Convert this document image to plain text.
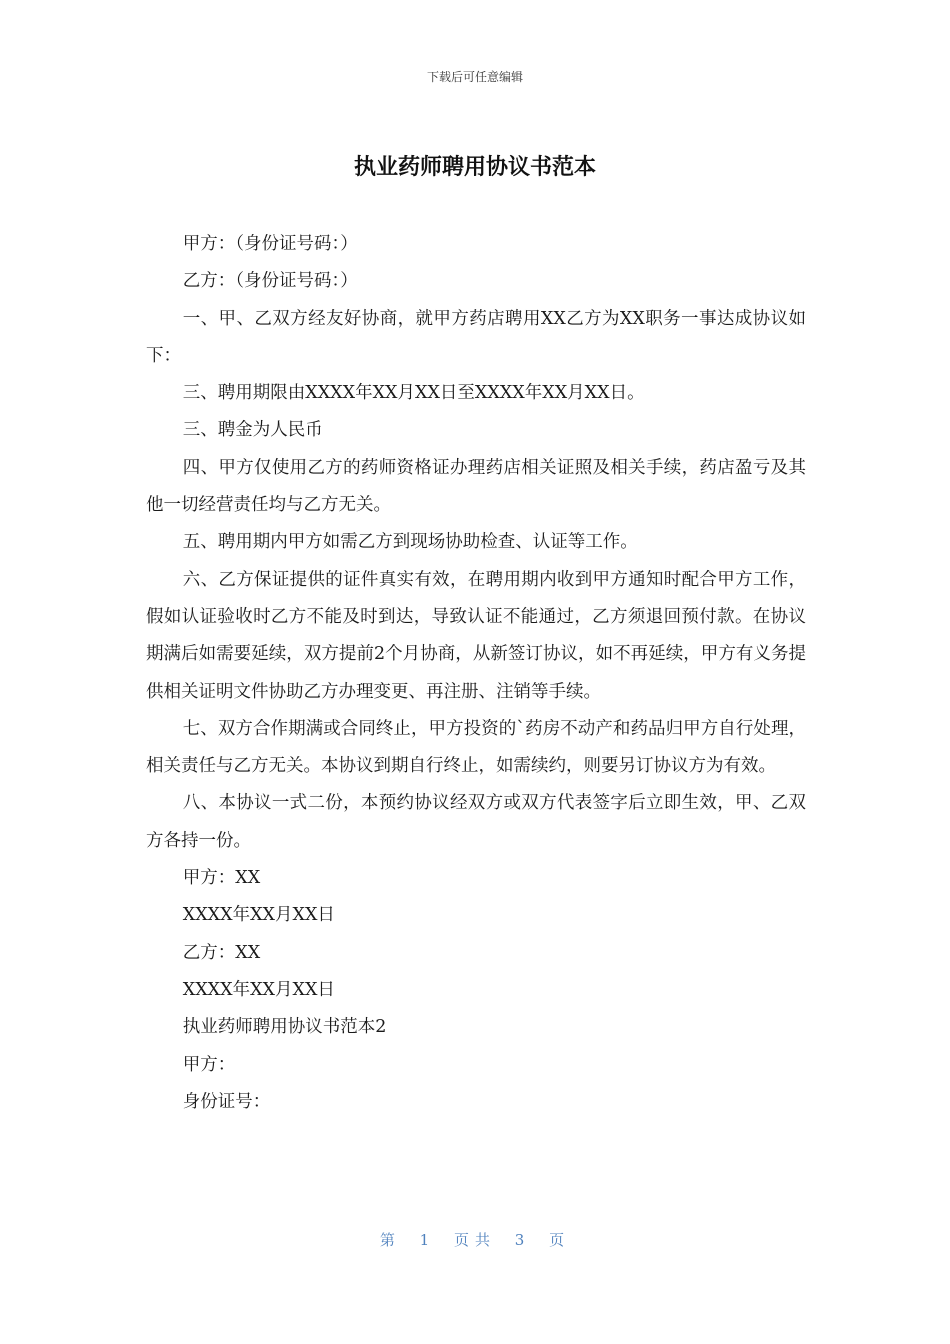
下载后可任意编辑
执业药师聘用协议书范本

甲方：（身份证号码：）

乙方：（身份证号码：）

一、甲、乙双方经友好协商，就甲方药店聘用XX乙方为XX职务一事达成协议如下：

三、聘用期限由XXXX年XX月XX日至XXXX年XX月XX日。

三、聘金为人民币

四、甲方仅使用乙方的药师资格证办理药店相关证照及相关手续，药店盈亏及其他一切经营责任均与乙方无关。

五、聘用期内甲方如需乙方到现场协助检查、认证等工作。

六、乙方保证提供的证件真实有效，在聘用期内收到甲方通知时配合甲方工作，假如认证验收时乙方不能及时到达，导致认证不能通过，乙方须退回预付款。在协议期满后如需要延续，双方提前2个月协商，从新签订协议，如不再延续，甲方有义务提供相关证明文件协助乙方办理变更、再注册、注销等手续。

七、双方合作期满或合同终止，甲方投资的`药房不动产和药品归甲方自行处理，相关责任与乙方无关。本协议到期自行终止，如需续约，则要另订协议方为有效。

八、本协议一式二份，本预约协议经双方或双方代表签字后立即生效，甲、乙双方各持一份。

甲方：XX

XXXX年XX月XX日

乙方：XX

XXXX年XX月XX日

执业药师聘用协议书范本2

甲方：

身份证号：

第 1 页共 3 页
